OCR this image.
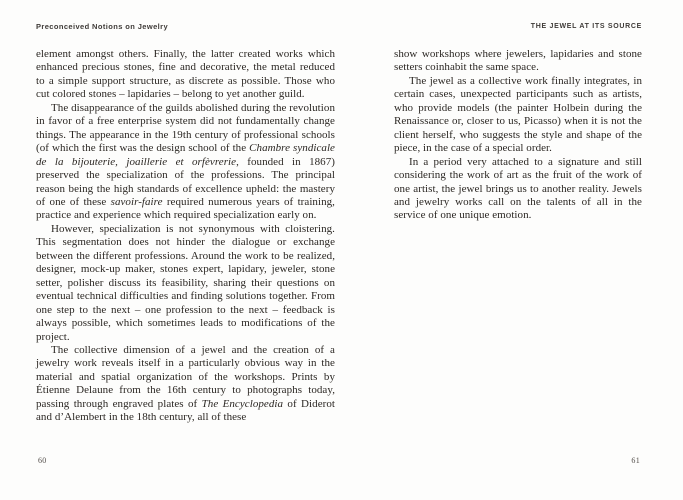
Preconceived Notions on Jewelry

element amongst others. Finally, the latter created works which enhanced precious stones, fine and decorative, the metal reduced to a simple support structure, as discrete as possible. Those who cut colored stones – lapidaries – belong to yet another guild.

The disappearance of the guilds abolished during the revolution in favor of a free enterprise system did not fundamentally change things. The appearance in the 19th century of professional schools (of which the first was the design school of the Chambre syndicale de la bijouterie, joaillerie et orfèvrerie, founded in 1867) preserved the specialization of the professions. The principal reason being the high standards of excellence upheld: the mastery of one of these savoir-faire required numerous years of training, practice and experience which required specialization early on.

However, specialization is not synonymous with cloistering. This segmentation does not hinder the dialogue or exchange between the different professions. Around the work to be realized, designer, mock-up maker, stones expert, lapidary, jeweler, stone setter, polisher discuss its feasibility, sharing their questions on eventual technical difficulties and finding solutions together. From one step to the next – one profession to the next – feedback is always possible, which sometimes leads to modifications of the project.

The collective dimension of a jewel and the creation of a jewelry work reveals itself in a particularly obvious way in the material and spatial organization of the workshops. Prints by Étienne Delaune from the 16th century to photographs today, passing through engraved plates of The Encyclopedia of Diderot and d’Alembert in the 18th century, all of these

60
THE JEWEL AT ITS SOURCE

show workshops where jewelers, lapidaries and stone setters coinhabit the same space.

The jewel as a collective work finally integrates, in certain cases, unexpected participants such as artists, who provide models (the painter Holbein during the Renaissance or, closer to us, Picasso) when it is not the client herself, who suggests the style and shape of the piece, in the case of a special order.

In a period very attached to a signature and still considering the work of art as the fruit of the work of one artist, the jewel brings us to another reality. Jewels and jewelry works call on the talents of all in the service of one unique emotion.

61
